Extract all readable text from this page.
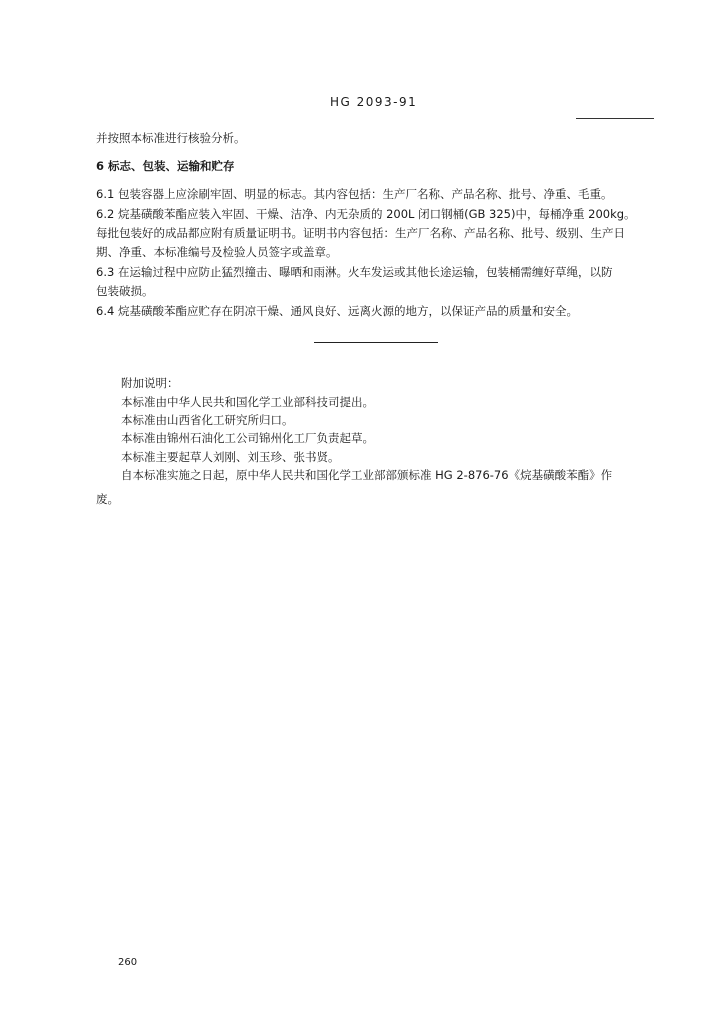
HG 2093-91
并按照本标准进行核验分析。
6 标志、包装、运输和贮存
6.1 包装容器上应涂刷牢固、明显的标志。其内容包括：生产厂名称、产品名称、批号、净重、毛重。
6.2 烷基磺酸苯酯应装入牢固、干燥、洁净、内无杂质的 200L 闭口钢桶(GB 325)中，每桶净重 200kg。
每批包装好的成品都应附有质量证明书。证明书内容包括：生产厂名称、产品名称、批号、级别、生产日
期、净重、本标准编号及检验人员签字或盖章。
6.3 在运输过程中应防止猛烈撞击、曝晒和雨淋。火车发运或其他长途运输，包装桶需缠好草绳，以防
包装破损。
6.4 烷基磺酸苯酯应贮存在阴凉干燥、通风良好、远离火源的地方，以保证产品的质量和安全。
附加说明：
本标准由中华人民共和国化学工业部科技司提出。
本标准由山西省化工研究所归口。
本标准由锦州石油化工公司锦州化工厂负责起草。
本标准主要起草人刘刚、刘玉珍、张书贤。
自本标准实施之日起，原中华人民共和国化学工业部部颁标准 HG 2-876-76《烷基磺酸苯酯》作
废。
260
